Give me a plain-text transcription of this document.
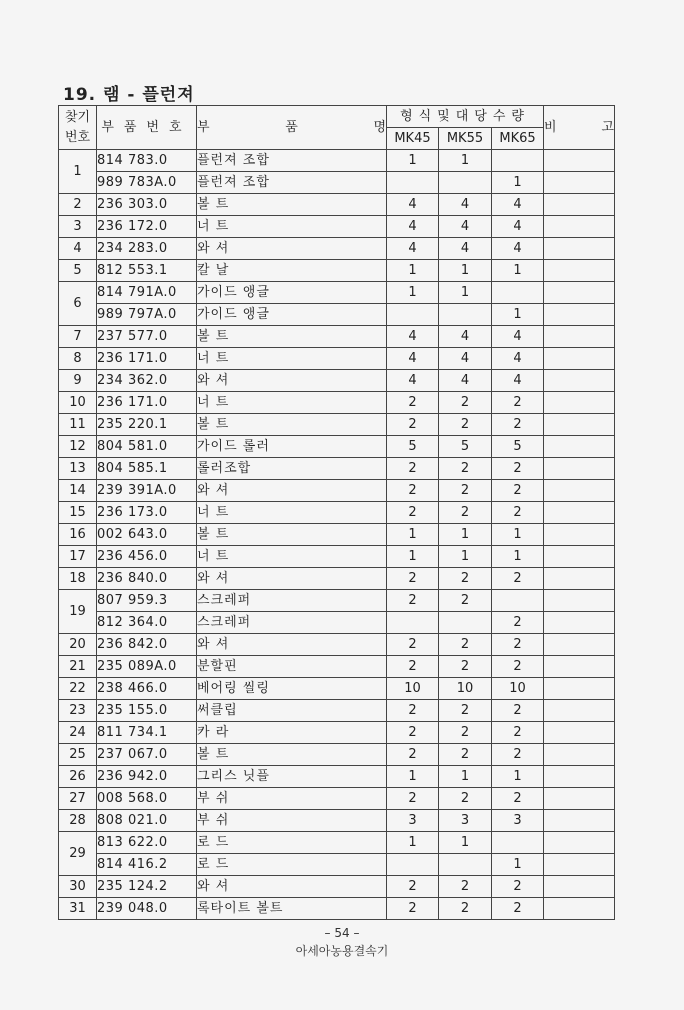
19. 램 - 플런져
찾기
번호	부품번호	부 품 명	형식및대당수량			비 고

			MK45	MK55	MK65	
1	814 783.0	플런져 조합	1	1		
	989 783A.0	플런져 조합			1	
2	236 303.0	볼 트	4	4	4	
3	236 172.0	너 트	4	4	4	
4	234 283.0	와 셔	4	4	4	
5	812 553.1	칼 날	1	1	1	
6	814 791A.0	가이드 앵글	1	1		
	989 797A.0	가이드 앵글			1	
7	237 577.0	볼 트	4	4	4	
8	236 171.0	너 트	4	4	4	
9	234 362.0	와 셔	4	4	4	
10	236 171.0	너 트	2	2	2	
11	235 220.1	볼 트	2	2	2	
12	804 581.0	가이드 롤러	5	5	5	
13	804 585.1	롤러조합	2	2	2	
14	239 391A.0	와 셔	2	2	2	
15	236 173.0	너 트	2	2	2	
16	002 643.0	볼 트	1	1	1	
17	236 456.0	너 트	1	1	1	
18	236 840.0	와 셔	2	2	2	
19	807 959.3	스크레퍼	2	2		
	812 364.0	스크레퍼			2	
20	236 842.0	와 셔	2	2	2	
21	235 089A.0	분할핀	2	2	2	
22	238 466.0	베어링 씰링	10	10	10	
23	235 155.0	써클립	2	2	2	
24	811 734.1	카 라	2	2	2	
25	237 067.0	볼 트	2	2	2	
26	236 942.0	그리스 닛플	1	1	1	
27	008 568.0	부 쉬	2	2	2	
28	808 021.0	부 쉬	3	3	3	
29	813 622.0	로 드	1	1		
	814 416.2	로 드			1	
30	235 124.2	와 셔	2	2	2	
31	239 048.0	록타이트 볼트	2	2	2	
– 54 –
아세아농용결속기
